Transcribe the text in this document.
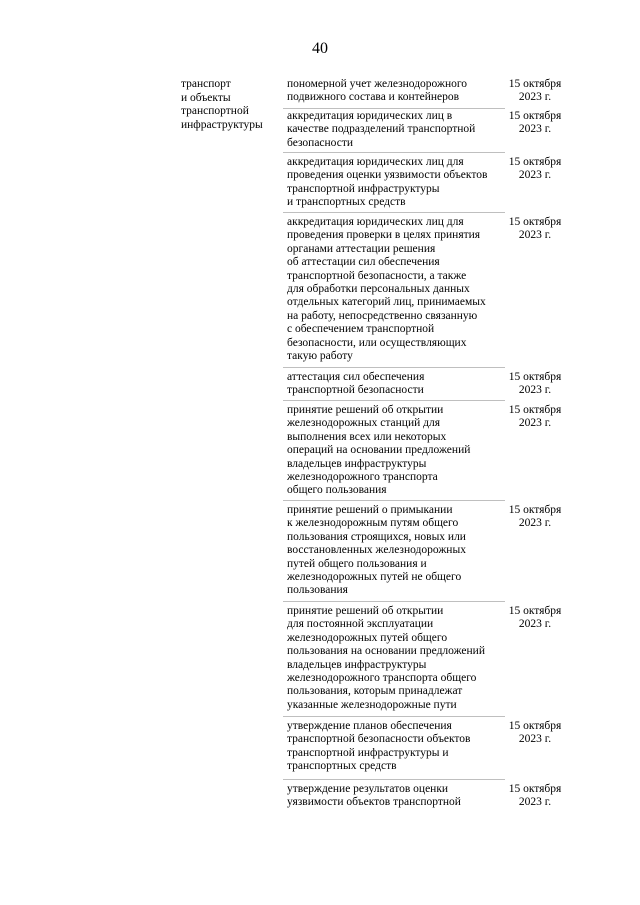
40
транспорт
и объекты
транспортной
инфраструктуры
пономерной учет железнодорожного
подвижного состава и контейнеров
15 октября
2023 г.
аккредитация юридических лиц в
качестве подразделений транспортной
безопасности
15 октября
2023 г.
аккредитация юридических лиц для
проведения оценки уязвимости объектов
транспортной инфраструктуры
и транспортных средств
15 октября
2023 г.
аккредитация юридических лиц для
проведения проверки в целях принятия
органами аттестации решения
об аттестации сил обеспечения
транспортной безопасности, а также
для обработки персональных данных
отдельных категорий лиц, принимаемых
на работу, непосредственно связанную
с обеспечением транспортной
безопасности, или осуществляющих
такую работу
15 октября
2023 г.
аттестация сил обеспечения
транспортной безопасности
15 октября
2023 г.
принятие решений об открытии
железнодорожных станций для
выполнения всех или некоторых
операций на основании предложений
владельцев инфраструктуры
железнодорожного транспорта
общего пользования
15 октября
2023 г.
принятие решений о примыкании
к железнодорожным путям общего
пользования строящихся, новых или
восстановленных железнодорожных
путей общего пользования и
железнодорожных путей не общего
пользования
15 октября
2023 г.
принятие решений об открытии
для постоянной эксплуатации
железнодорожных путей общего
пользования на основании предложений
владельцев инфраструктуры
железнодорожного транспорта общего
пользования, которым принадлежат
указанные железнодорожные пути
15 октября
2023 г.
утверждение планов обеспечения
транспортной безопасности объектов
транспортной инфраструктуры и
транспортных средств
15 октября
2023 г.
утверждение результатов оценки
уязвимости объектов транспортной
15 октября
2023 г.
